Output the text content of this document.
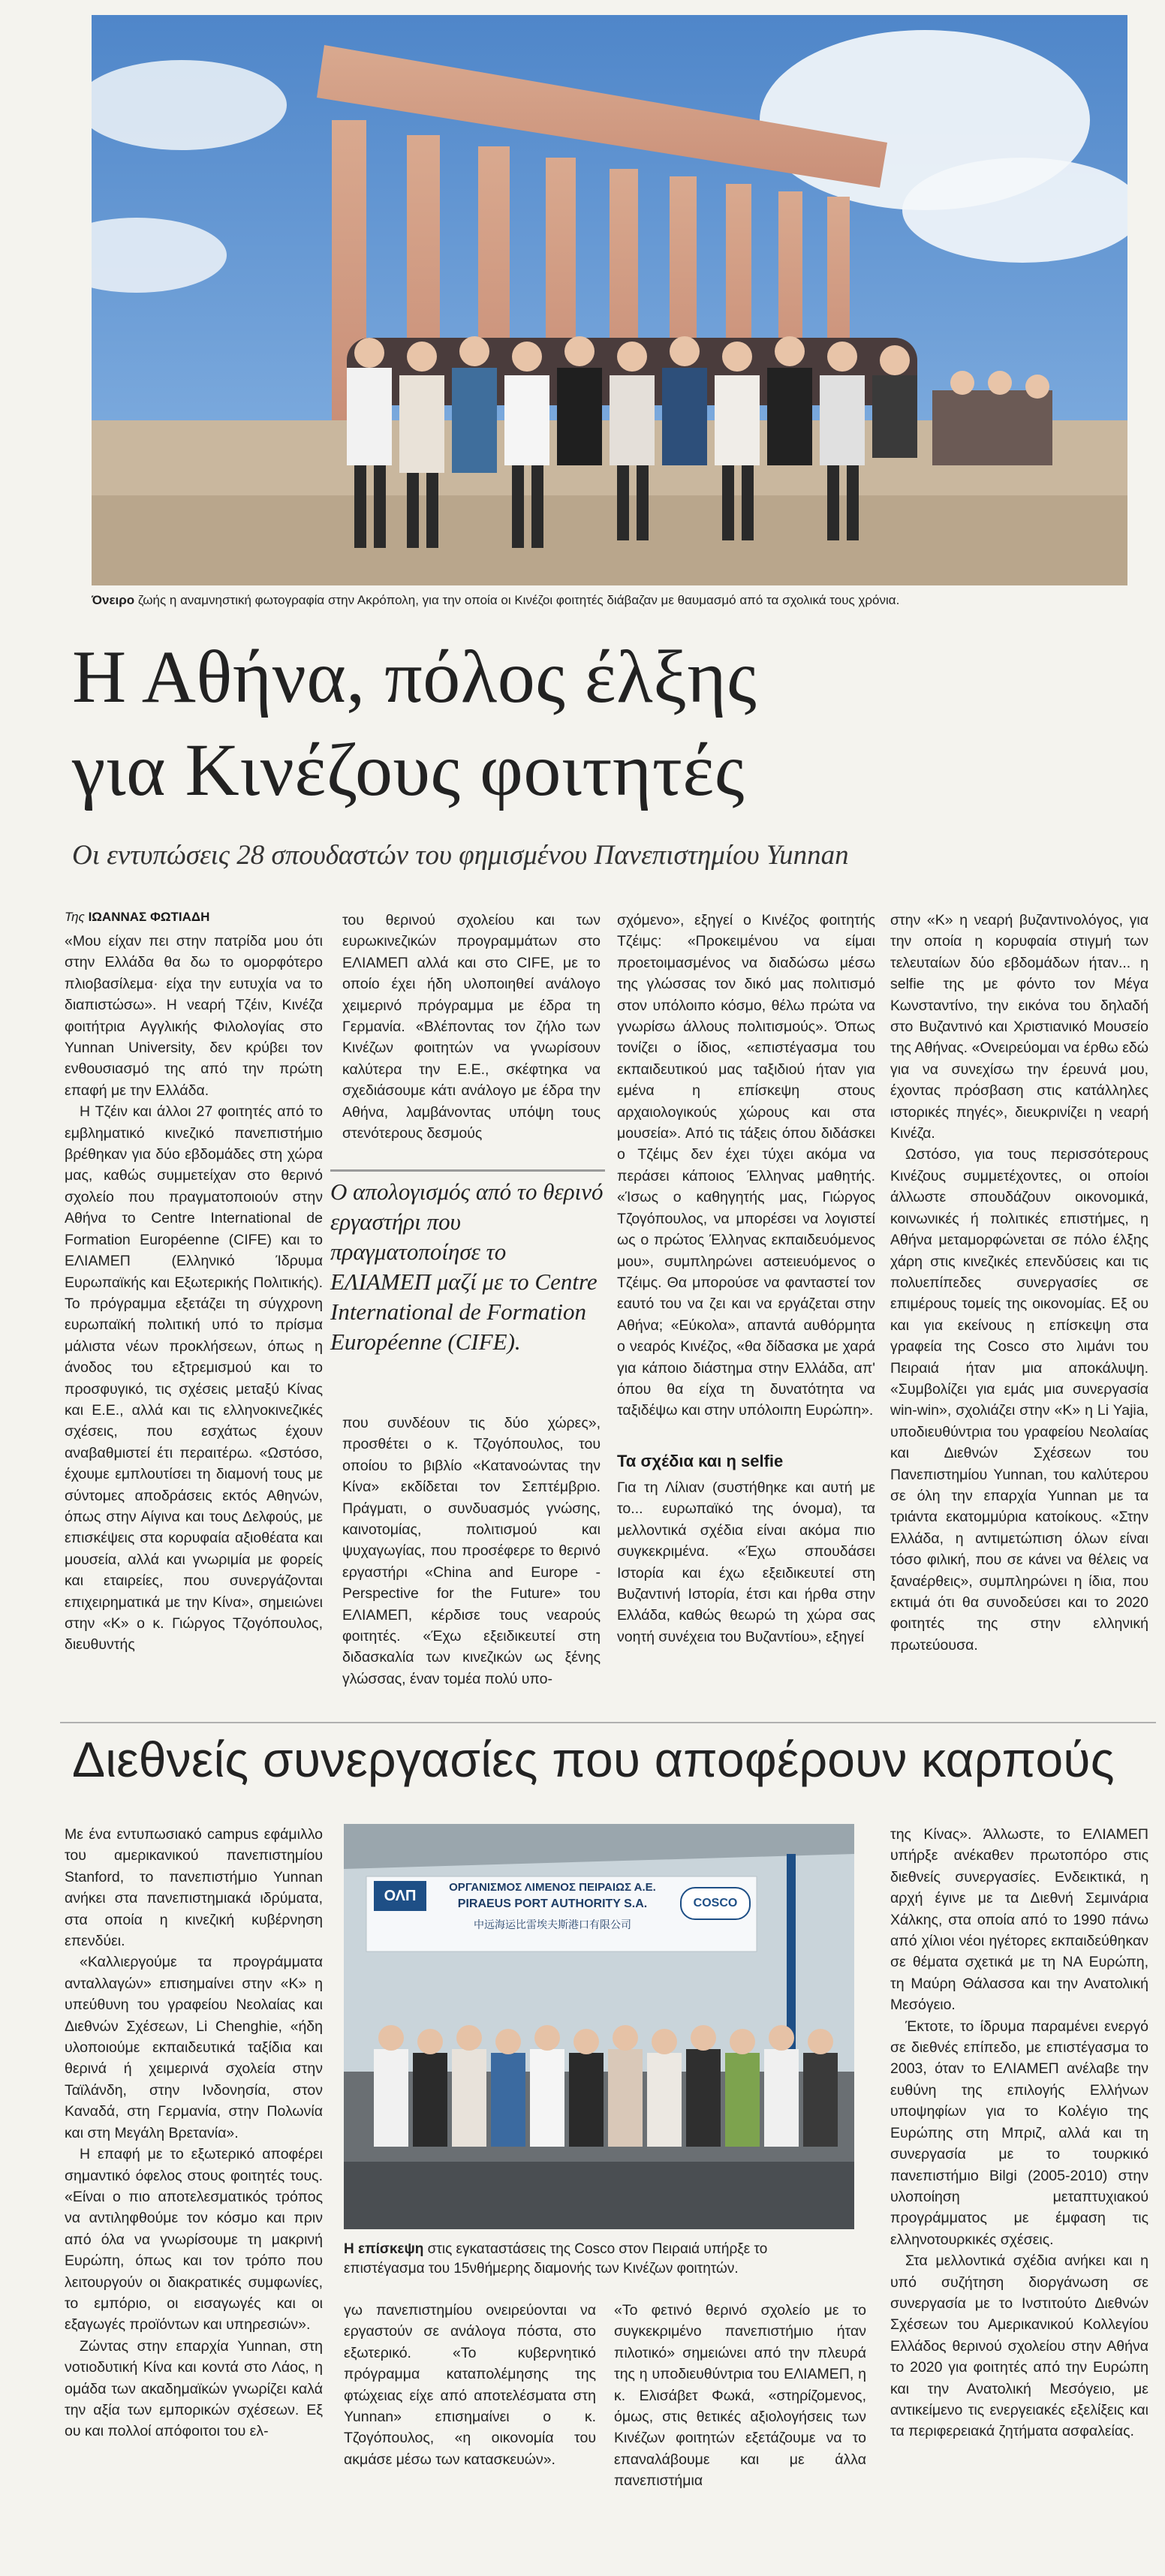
Όνειρο ζωής η αναμνηστική φωτογραφία στην Ακρόπολη, για την οποία οι Κινέζοι φοιτητές διάβαζαν με θαυμασμό από τα σχολικά τους χρόνια.
Η Αθήνα, πόλος έλξης
για Κινέζους φοιτητές
Οι εντυπώσεις 28 σπουδαστών του φημισμένου Πανεπιστημίου Yunnan
Της ΙΩΑΝΝΑΣ ΦΩΤΙΑΔΗ

«Μου είχαν πει στην πατρίδα μου ότι στην Ελλάδα θα δω το ομορφότερο πλιοβασίλεμα· είχα την ευτυχία να το διαπιστώσω». Η νεαρή Τζέιν, Κινέζα φοιτήτρια Αγγλικής Φιλολογίας στο Yunnan University, δεν κρύβει τον ενθουσιασμό της από την πρώτη επαφή με την Ελλάδα.

Η Τζέιν και άλλοι 27 φοιτητές από το εμβληματικό κινεζικό πανεπιστήμιο βρέθηκαν για δύο εβδομάδες στη χώρα μας, καθώς συμμετείχαν στο θερινό σχολείο που πραγματοποιούν στην Αθήνα το Centre International de Formation Européenne (CIFE) και το ΕΛΙΑΜΕΠ (Ελληνικό Ίδρυμα Ευρωπαϊκής και Εξωτερικής Πολιτικής). Το πρόγραμμα εξετάζει τη σύγχρονη ευρωπαϊκή πολιτική υπό το πρίσμα μάλιστα νέων προκλήσεων, όπως η άνοδος του εξτρεμισμού και το προσφυγικό, τις σχέσεις μεταξύ Κίνας και Ε.Ε., αλλά και τις ελληνοκινεζικές σχέσεις, που εσχάτως έχουν αναβαθμιστεί έτι περαιτέρω. «Ωστόσο, έχουμε εμπλουτίσει τη διαμονή τους με σύντομες αποδράσεις εκτός Αθηνών, όπως στην Αίγινα και τους Δελφούς, με επισκέψεις στα κορυφαία αξιοθέατα και μουσεία, αλλά και γνωριμία με φορείς και εταιρείες, που συνεργάζονται επιχειρηματικά με την Κίνα», σημειώνει στην «Κ» ο κ. Γιώργος Τζογόπουλος, διευθυντής

του θερινού σχολείου και των ευρωκινεζικών προγραμμάτων στο ΕΛΙΑΜΕΠ αλλά και στο CIFE, με το οποίο έχει ήδη υλοποιηθεί ανάλογο χειμερινό πρόγραμμα με έδρα τη Γερμανία. «Βλέποντας τον ζήλο των Κινέζων φοιτητών να γνωρίσουν καλύτερα την Ε.Ε., σκέφτηκα να σχεδιάσουμε κάτι ανάλογο με έδρα την Αθήνα, λαμβάνοντας υπόψη τους στενότερους δεσμούς
Ο απολογισμός από το θερινό εργαστήρι που πραγματοποίησε το ΕΛΙΑΜΕΠ μαζί με το Centre International de Formation Européenne (CIFE).
που συνδέουν τις δύο χώρες», προσθέτει ο κ. Τζογόπουλος, του οποίου το βιβλίο «Κατανοώντας την Κίνα» εκδίδεται τον Σεπτέμβριο. Πράγματι, ο συνδυασμός γνώσης, καινοτομίας, πολιτισμού και ψυχαγωγίας, που προσέφερε το θερινό εργαστήρι «China and Europe - Perspective for the Future» του ΕΛΙΑΜΕΠ, κέρδισε τους νεαρούς φοιτητές. «Έχω εξειδικευτεί στη διδασκαλία των κινεζικών ως ξένης γλώσσας, έναν τομέα πολύ υπο-
σχόμενο», εξηγεί ο Κινέζος φοιτητής Τζέιμς: «Προκειμένου να είμαι προετοιμασμένος να διαδώσω μέσω της γλώσσας τον δικό μας πολιτισμό στον υπόλοιπο κόσμο, θέλω πρώτα να γνωρίσω άλλους πολιτισμούς». Όπως τονίζει ο ίδιος, «επιστέγασμα του εκπαιδευτικού μας ταξιδιού ήταν για εμένα η επίσκεψη στους αρχαιολογικούς χώρους και στα μουσεία». Από τις τάξεις όπου διδάσκει ο Τζέιμς δεν έχει τύχει ακόμα να περάσει κάποιος Έλληνας μαθητής. «Ίσως ο καθηγητής μας, Γιώργος Τζογόπουλος, να μπορέσει να λογιστεί ως ο πρώτος Έλληνας εκπαιδευόμενος μου», συμπληρώνει αστειευόμενος ο Τζέιμς. Θα μπορούσε να φανταστεί τον εαυτό του να ζει και να εργάζεται στην Αθήνα; «Εύκολα», απαντά αυθόρμητα ο νεαρός Κινέζος, «θα δίδασκα με χαρά για κάποιο διάστημα στην Ελλάδα, απ' όπου θα είχα τη δυνατότητα να ταξιδέψω και στην υπόλοιπη Ευρώπη».
Τα σχέδια και η selfie
Για τη Λίλιαν (συστήθηκε και αυτή με το... ευρωπαϊκό της όνομα), τα μελλοντικά σχέδια είναι ακόμα πιο συγκεκριμένα. «Έχω σπουδάσει Ιστορία και έχω εξειδικευτεί στη Βυζαντινή Ιστορία, έτσι και ήρθα στην Ελλάδα, καθώς θεωρώ τη χώρα σας νοητή συνέχεια του Βυζαντίου», εξηγεί

στην «Κ» η νεαρή βυζαντινολόγος, για την οποία η κορυφαία στιγμή των τελευταίων δύο εβδομάδων ήταν... η selfie της με φόντο τον Μέγα Κωνσταντίνο, την εικόνα του δηλαδή στο Βυζαντινό και Χριστιανικό Μουσείο της Αθήνας. «Ονειρεύομαι να έρθω εδώ για να συνεχίσω την έρευνά μου, έχοντας πρόσβαση στις κατάλληλες ιστορικές πηγές», διευκρινίζει η νεαρή Κινέζα.

Ωστόσο, για τους περισσότερους Κινέζους συμμετέχοντες, οι οποίοι άλλωστε σπουδάζουν οικονομικά, κοινωνικές ή πολιτικές επιστήμες, η Αθήνα μεταμορφώνεται σε πόλο έλξης χάρη στις κινεζικές επενδύσεις και τις πολυεπίπεδες συνεργασίες σε επιμέρους τομείς της οικονομίας. Εξ ου και για εκείνους η επίσκεψη στα γραφεία της Cosco στο λιμάνι του Πειραιά ήταν μια αποκάλυψη. «Συμβολίζει για εμάς μια συνεργασία win-win», σχολιάζει στην «Κ» η Li Yajia, υποδιευθύντρια του γραφείου Νεολαίας και Διεθνών Σχέσεων του Πανεπιστημίου Yunnan, του καλύτερου σε όλη την επαρχία Yunnan με τα τριάντα εκατομμύρια κατοίκους. «Στην Ελλάδα, η αντιμετώπιση όλων είναι τόσο φιλική, που σε κάνει να θέλεις να ξαναέρθεις», συμπληρώνει η ίδια, που εκτιμά ότι θα συνοδεύσει και το 2020 φοιτητές της στην ελληνική πρωτεύουσα.

Διεθνείς συνεργασίες που αποφέρουν καρπούς

Με ένα εντυπωσιακό campus εφάμιλλο του αμερικανικού πανεπιστημίου Stanford, το πανεπιστήμιο Yunnan ανήκει στα πανεπιστημιακά ιδρύματα, στα οποία η κινεζική κυβέρνηση επενδύει.

«Καλλιεργούμε τα προγράμματα ανταλλαγών» επισημαίνει στην «Κ» η υπεύθυνη του γραφείου Νεολαίας και Διεθνών Σχέσεων, Li Chenghie, «ήδη υλοποιούμε εκπαιδευτικά ταξίδια και θερινά ή χειμερινά σχολεία στην Ταϊλάνδη, στην Ινδονησία, στον Καναδά, στη Γερμανία, στην Πολωνία και στη Μεγάλη Βρετανία».

Η επαφή με το εξωτερικό αποφέρει σημαντικό όφελος στους φοιτητές τους. «Είναι ο πιο αποτελεσματικός τρόπος να αντιληφθούμε τον κόσμο και πριν από όλα να γνωρίσουμε τη μακρινή Ευρώπη, όπως και τον τρόπο που λειτουργούν οι διακρατικές συμφωνίες, το εμπόριο, οι εισαγωγές και οι εξαγωγές προϊόντων και υπηρεσιών».

Ζώντας στην επαρχία Yunnan, στη νοτιοδυτική Κίνα και κοντά στο Λάος, η ομάδα των ακαδημαϊκών γνωρίζει καλά την αξία των εμπορικών σχέσεων. Εξ ου και πολλοί απόφοιτοι του ελ-

ΟΛΠ
ΟΡΓΑΝΙΣΜΟΣ ΛΙΜΕΝΟΣ ΠΕΙΡΑΙΩΣ Α.Ε.
PIRAEUS PORT AUTHORITY S.A.
中远海运比雷埃夫斯港口有限公司
COSCO
Η επίσκεψη στις εγκαταστάσεις της Cosco στον Πειραιά υπήρξε το επιστέγασμα του 15νθήμερης διαμονής των Κινέζων φοιτητών.
γω πανεπιστημίου ονειρεύονται να εργαστούν σε ανάλογα πόστα, στο εξωτερικό. «Το κυβερνητικό πρόγραμμα καταπολέμησης της φτώχειας είχε από αποτελέσματα στη Yunnan» επισημαίνει ο κ. Τζογόπουλος, «η οικονομία του ακμάσε μέσω των κατασκευών».
«Το φετινό θερινό σχολείο με το συγκεκριμένο πανεπιστήμιο ήταν πιλοτικό» σημειώνει από την πλευρά της η υποδιευθύντρια του ΕΛΙΑΜΕΠ, η κ. Ελισάβετ Φωκά, «στηρίζομενος, όμως, στις θετικές αξιολογήσεις των Κινέζων φοιτητών εξετάζουμε να το επαναλάβουμε και με άλλα πανεπιστήμια

της Κίνας». Άλλωστε, το ΕΛΙΑΜΕΠ υπήρξε ανέκαθεν πρωτοπόρο στις διεθνείς συνεργασίες. Ενδεικτικά, η αρχή έγινε με τα Διεθνή Σεμινάρια Χάλκης, στα οποία από το 1990 πάνω από χίλιοι νέοι ηγέτορες εκπαιδεύθηκαν σε θέματα σχετικά με τη ΝΑ Ευρώπη, τη Μαύρη Θάλασσα και την Ανατολική Μεσόγειο.

Έκτοτε, το ίδρυμα παραμένει ενεργό σε διεθνές επίπεδο, με επιστέγασμα το 2003, όταν το ΕΛΙΑΜΕΠ ανέλαβε την ευθύνη της επιλογής Ελλήνων υποψηφίων για το Κολέγιο της Ευρώπης στη Μπριζ, αλλά και τη συνεργασία με το τουρκικό πανεπιστήμιο Bilgi (2005-2010) στην υλοποίηση μεταπτυχιακού προγράμματος με έμφαση τις ελληνοτουρκικές σχέσεις.

Στα μελλοντικά σχέδια ανήκει και η υπό συζήτηση διοργάνωση σε συνεργασία με το Ινστιτούτο Διεθνών Σχέσεων του Αμερικανικού Κολλεγίου Ελλάδος θερινού σχολείου στην Αθήνα το 2020 για φοιτητές από την Ευρώπη και την Ανατολική Μεσόγειο, με αντικείμενο τις ενεργειακές εξελίξεις και τα περιφερειακά ζητήματα ασφαλείας.
